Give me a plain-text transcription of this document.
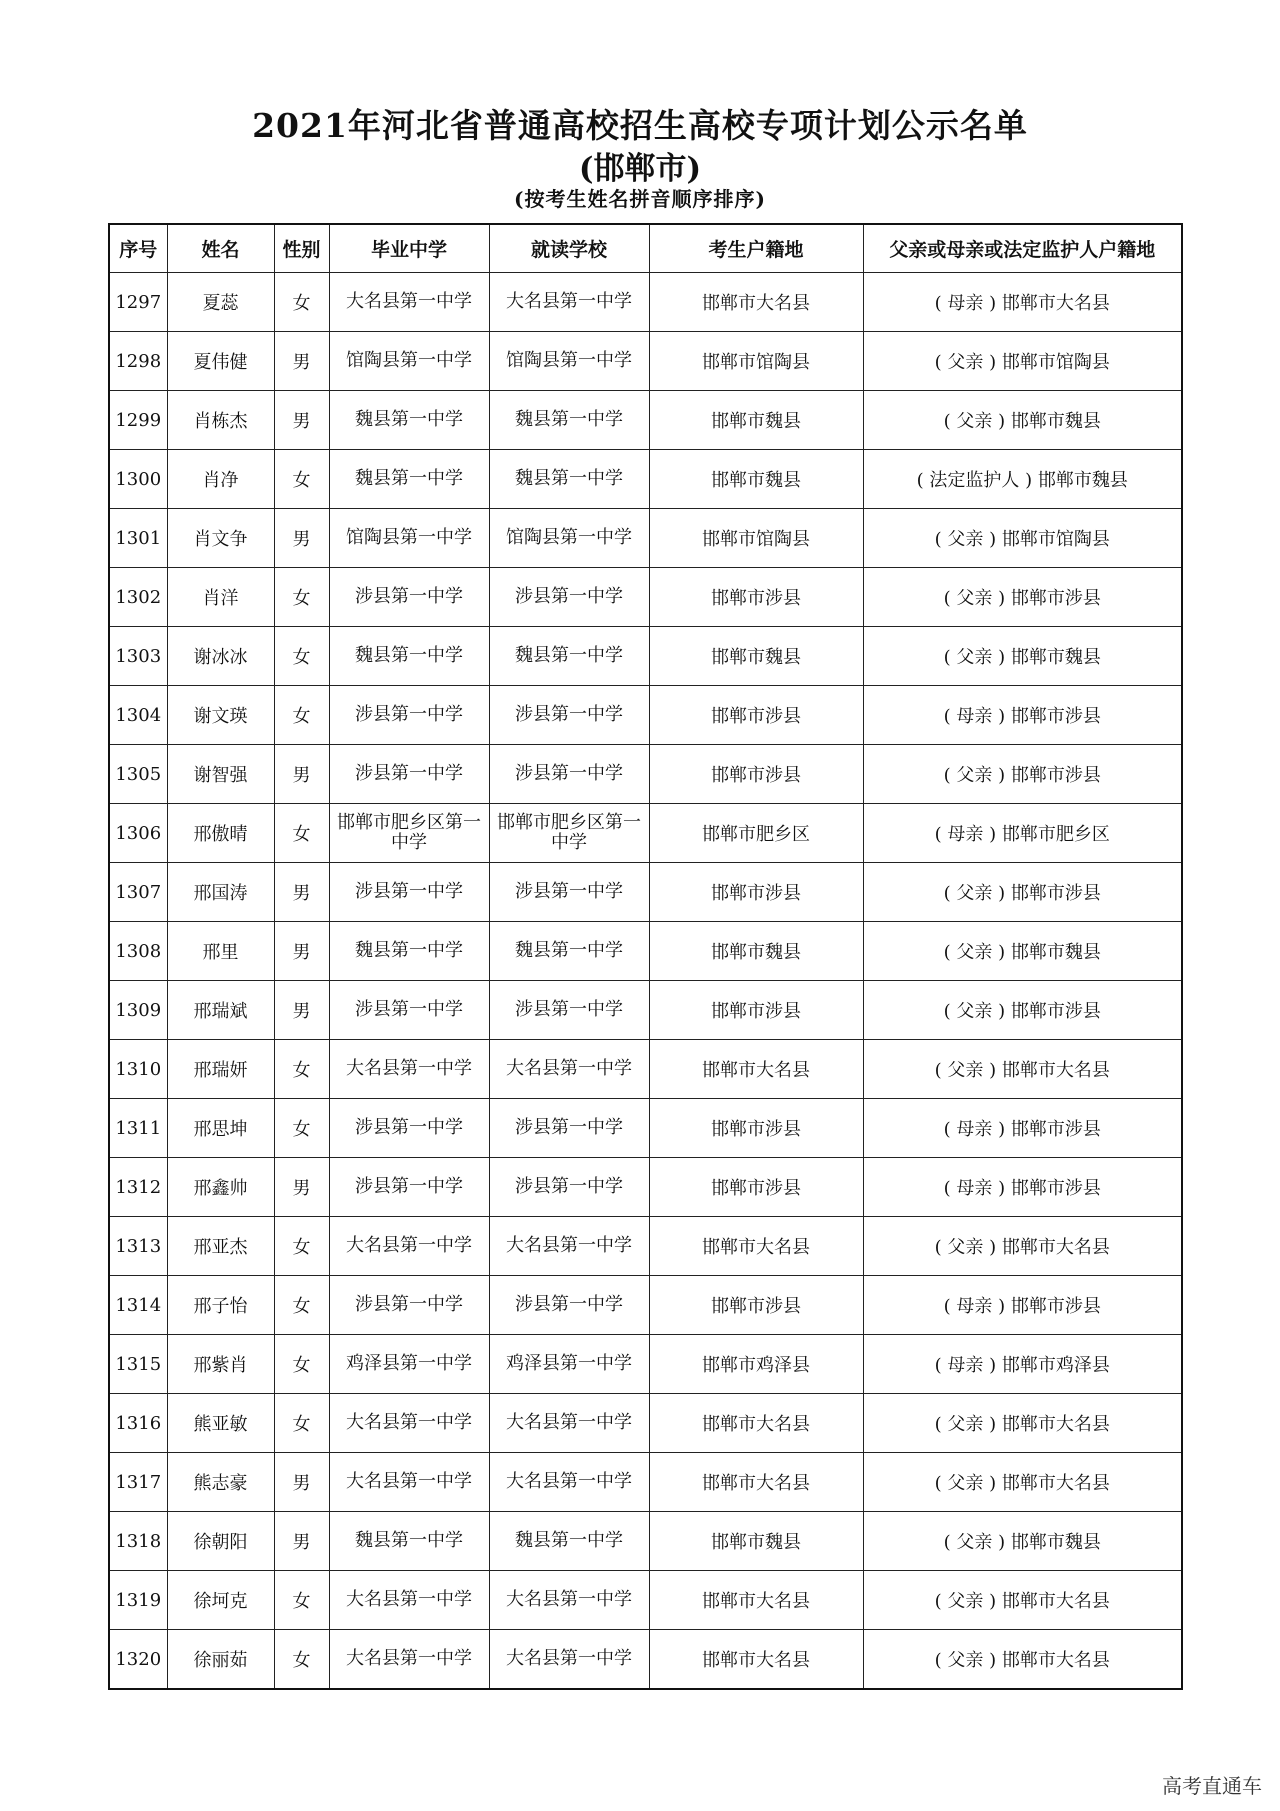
2021年河北省普通高校招生高校专项计划公示名单
(邯郸市)
(按考生姓名拼音顺序排序)
序号	姓名	性别	毕业中学	就读学校	考生户籍地	父亲或母亲或法定监护人户籍地
1297	夏蕊	女	大名县第一中学	大名县第一中学	邯郸市大名县	( 母亲 ) 邯郸市大名县
1298	夏伟健	男	馆陶县第一中学	馆陶县第一中学	邯郸市馆陶县	( 父亲 ) 邯郸市馆陶县
1299	肖栋杰	男	魏县第一中学	魏县第一中学	邯郸市魏县	( 父亲 ) 邯郸市魏县
1300	肖净	女	魏县第一中学	魏县第一中学	邯郸市魏县	( 法定监护人 ) 邯郸市魏县
1301	肖文争	男	馆陶县第一中学	馆陶县第一中学	邯郸市馆陶县	( 父亲 ) 邯郸市馆陶县
1302	肖洋	女	涉县第一中学	涉县第一中学	邯郸市涉县	( 父亲 ) 邯郸市涉县
1303	谢冰冰	女	魏县第一中学	魏县第一中学	邯郸市魏县	( 父亲 ) 邯郸市魏县
1304	谢文瑛	女	涉县第一中学	涉县第一中学	邯郸市涉县	( 母亲 ) 邯郸市涉县
1305	谢智强	男	涉县第一中学	涉县第一中学	邯郸市涉县	( 父亲 ) 邯郸市涉县
1306	邢傲晴	女	邯郸市肥乡区第一中学	邯郸市肥乡区第一中学	邯郸市肥乡区	( 母亲 ) 邯郸市肥乡区
1307	邢国涛	男	涉县第一中学	涉县第一中学	邯郸市涉县	( 父亲 ) 邯郸市涉县
1308	邢里	男	魏县第一中学	魏县第一中学	邯郸市魏县	( 父亲 ) 邯郸市魏县
1309	邢瑞斌	男	涉县第一中学	涉县第一中学	邯郸市涉县	( 父亲 ) 邯郸市涉县
1310	邢瑞妍	女	大名县第一中学	大名县第一中学	邯郸市大名县	( 父亲 ) 邯郸市大名县
1311	邢思坤	女	涉县第一中学	涉县第一中学	邯郸市涉县	( 母亲 ) 邯郸市涉县
1312	邢鑫帅	男	涉县第一中学	涉县第一中学	邯郸市涉县	( 母亲 ) 邯郸市涉县
1313	邢亚杰	女	大名县第一中学	大名县第一中学	邯郸市大名县	( 父亲 ) 邯郸市大名县
1314	邢子怡	女	涉县第一中学	涉县第一中学	邯郸市涉县	( 母亲 ) 邯郸市涉县
1315	邢紫肖	女	鸡泽县第一中学	鸡泽县第一中学	邯郸市鸡泽县	( 母亲 ) 邯郸市鸡泽县
1316	熊亚敏	女	大名县第一中学	大名县第一中学	邯郸市大名县	( 父亲 ) 邯郸市大名县
1317	熊志豪	男	大名县第一中学	大名县第一中学	邯郸市大名县	( 父亲 ) 邯郸市大名县
1318	徐朝阳	男	魏县第一中学	魏县第一中学	邯郸市魏县	( 父亲 ) 邯郸市魏县
1319	徐坷克	女	大名县第一中学	大名县第一中学	邯郸市大名县	( 父亲 ) 邯郸市大名县
1320	徐丽茹	女	大名县第一中学	大名县第一中学	邯郸市大名县	( 父亲 ) 邯郸市大名县
高考直通车
